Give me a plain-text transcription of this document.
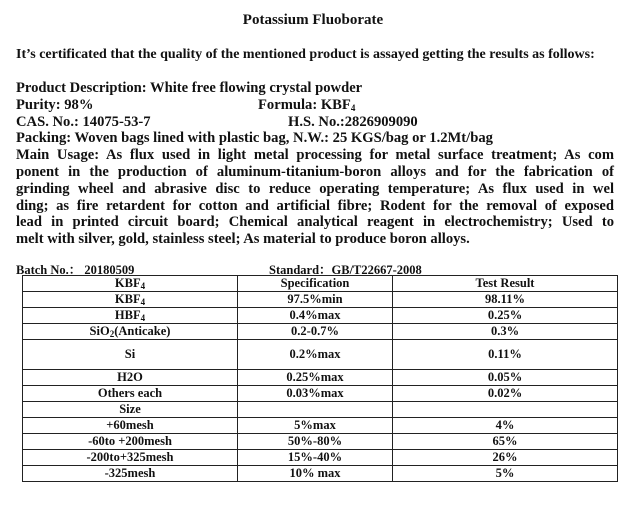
Potassium Fluoborate
It’s certificated that the quality of the mentioned product is assayed getting the results as follows:
Product Description: White free flowing crystal powder
Purity: 98%	Formula: $KBF_4$
CAS. No.: 14075-53-7	H.S. No.:2826909090
Packing: Woven bags lined with plastic bag, N.W.: 25 KGS/bag or 1.2Mt/bag
Main Usage: As flux used in light metal processing for metal surface treatment; As com
ponent in the production of aluminum-titanium-boron alloys and for the fabrication of
grinding wheel and abrasive disc to reduce operating temperature; As flux used in wel
ding; as fire retardent for cotton and artificial fibre; Rodent for the removal of exposed
lead in printed circuit board; Chemical analytical reagent in electrochemistry; Used to
melt with silver, gold, stainless steel; As material to produce boron alloys.
Batch No.： 20180509	Standard：GB/T22667-2008
$KBF_4$	Specification	Test Result
$KBF_4$	97.5%min	98.11%
$HBF_4$	0.4%max	0.25%
SiO$_2$(Anticake)	0.2-0.7%	0.3%
Si	0.2%max	0.11%
H2O	0.25%max	0.05%
Others each	0.03%max	0.02%
Size		
+60mesh	5%max	4%
-60to +200mesh	50%-80%	65%
-200to+325mesh	15%-40%	26%
-325mesh	10% max	5%
